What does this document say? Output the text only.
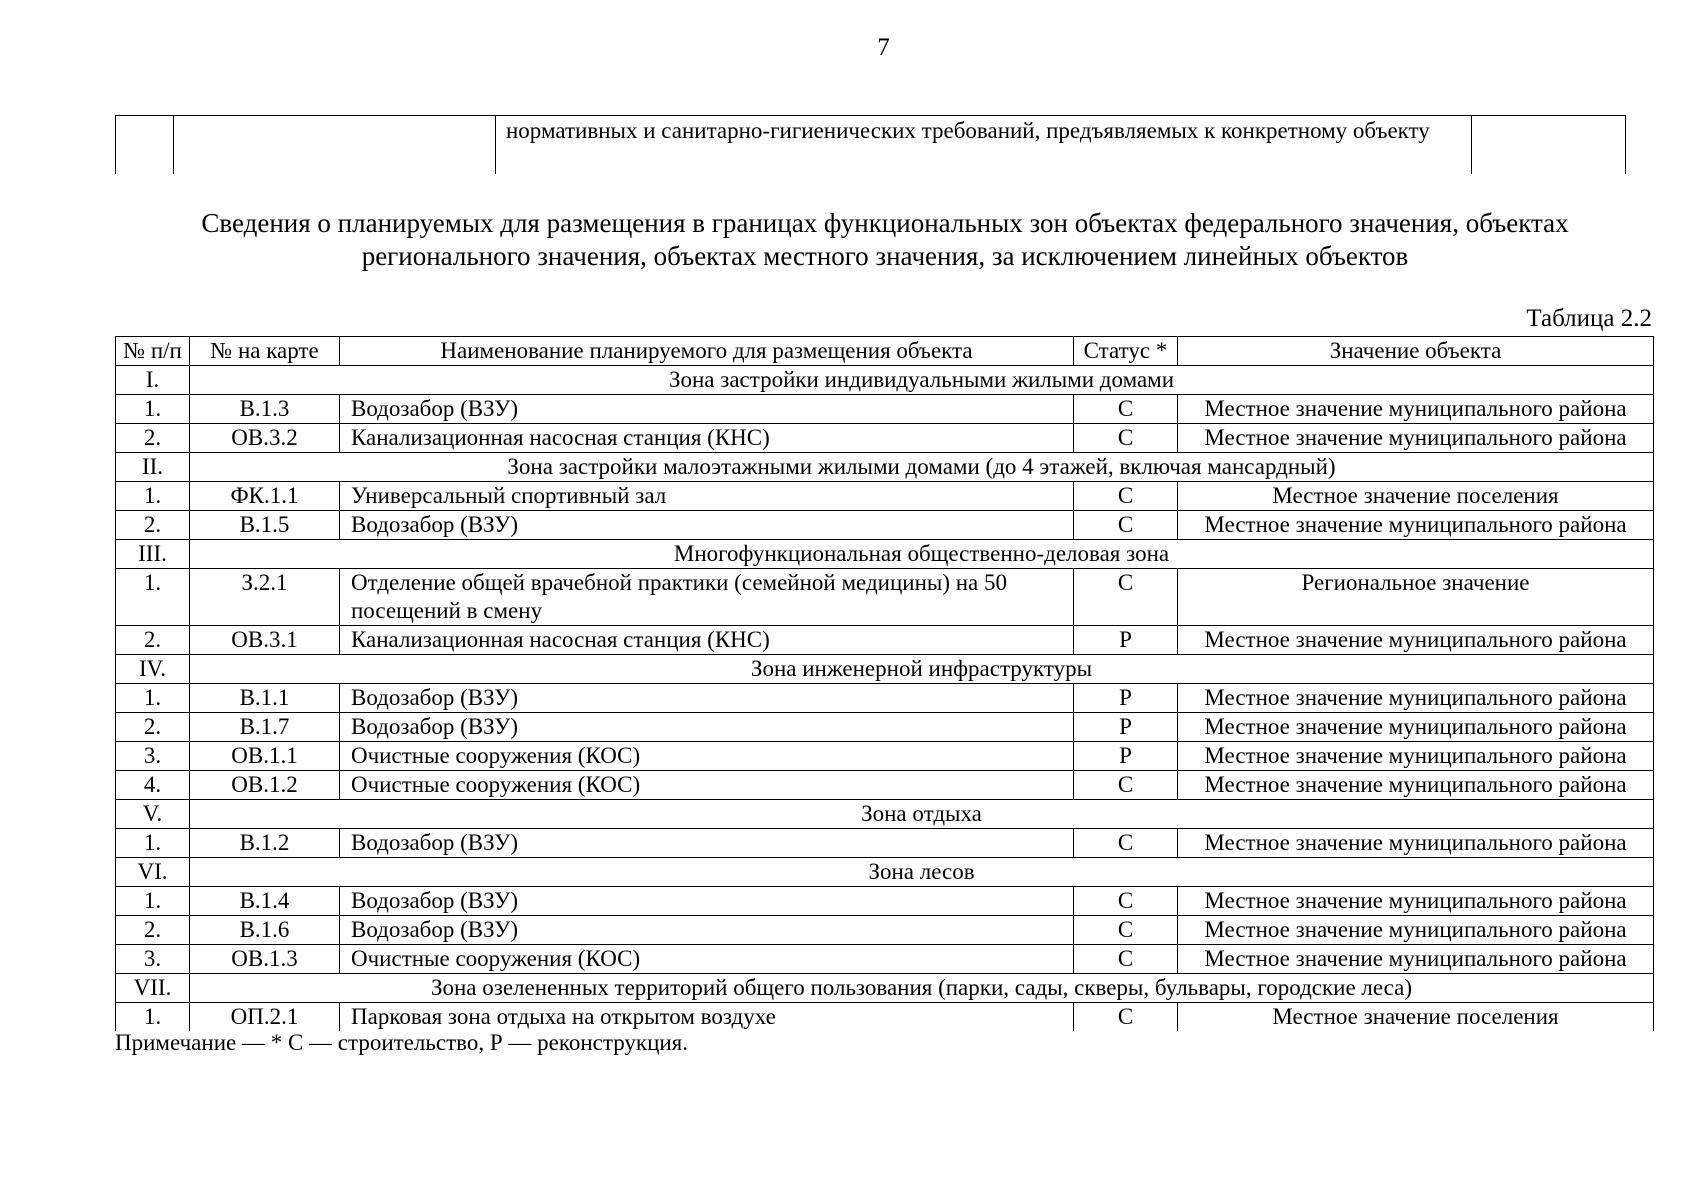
7
		нормативных и санитарно-гигиенических требований, предъявляемых к конкретному объекту	
Сведения о планируемых для размещения в границах функциональных зон объектах федерального значения, объектах регионального значения, объектах местного значения, за исключением линейных объектов
Таблица 2.2
№ п/п	№ на карте	Наименование планируемого для размещения объекта	Статус *	Значение объекта
I.	Зона застройки индивидуальными жилыми домами			
1.	В.1.3	Водозабор (ВЗУ)	С	Местное значение муниципального района
2.	ОВ.3.2	Канализационная насосная станция (КНС)	С	Местное значение муниципального района
II.	Зона застройки малоэтажными жилыми домами (до 4 этажей, включая мансардный)			
1.	ФК.1.1	Универсальный спортивный зал	С	Местное значение поселения
2.	В.1.5	Водозабор (ВЗУ)	С	Местное значение муниципального района
III.	Многофункциональная общественно-деловая зона			
1.	З.2.1	Отделение общей врачебной практики (семейной медицины) на 50 посещений в смену	С	Региональное значение
2.	ОВ.3.1	Канализационная насосная станция (КНС)	Р	Местное значение муниципального района
IV.	Зона инженерной инфраструктуры			
1.	В.1.1	Водозабор (ВЗУ)	Р	Местное значение муниципального района
2.	В.1.7	Водозабор (ВЗУ)	Р	Местное значение муниципального района
3.	ОВ.1.1	Очистные сооружения (КОС)	Р	Местное значение муниципального района
4.	ОВ.1.2	Очистные сооружения (КОС)	С	Местное значение муниципального района
V.	Зона отдыха			
1.	В.1.2	Водозабор (ВЗУ)	С	Местное значение муниципального района
VI.	Зона лесов			
1.	В.1.4	Водозабор (ВЗУ)	С	Местное значение муниципального района
2.	В.1.6	Водозабор (ВЗУ)	С	Местное значение муниципального района
3.	ОВ.1.3	Очистные сооружения (КОС)	С	Местное значение муниципального района
VII.	Зона озелененных территорий общего пользования (парки, сады, скверы, бульвары, городские леса)			
1.	ОП.2.1	Парковая зона отдыха на открытом воздухе	С	Местное значение поселения
Примечание — * С — строительство, Р — реконструкция.
